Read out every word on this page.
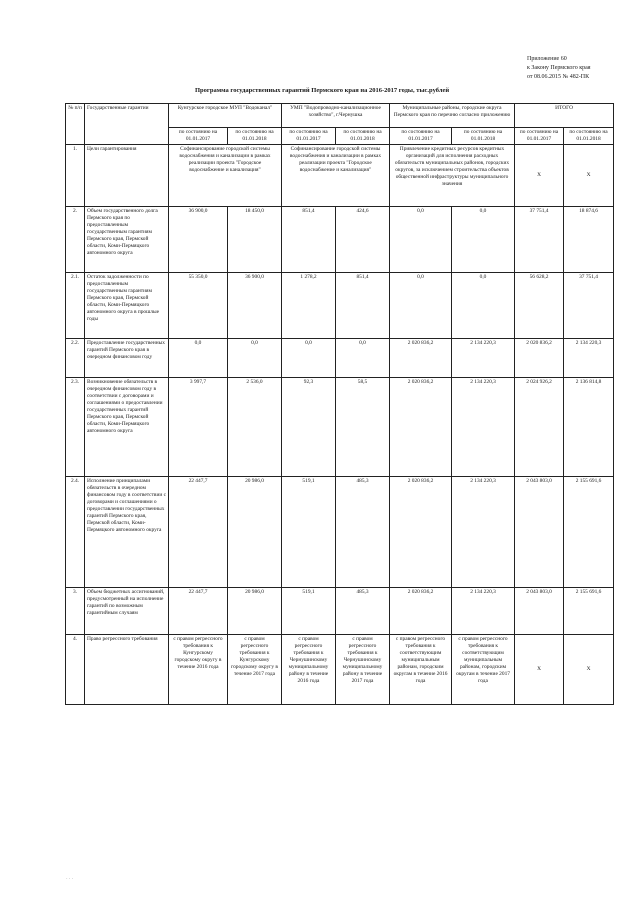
Приложение 60
к Закону Пермского края
от 08.06.2015 № 482-ПК
Программа государственных гарантий Пермского края на 2016-2017 годы, тыс.рублей
№ п/п	Государственные гарантии	Кунгурское городское МУП "Водоканал"		УМП "Водопроводно-канализационное хозяйство", г.Чернушка		Муниципальные районы, городские округа Пермского края по перечню согласно приложению		ИТОГО	
		по состоянию на 01.01.2017	по состоянию на 01.01.2018	по состоянию на 01.01.2017	по состоянию на 01.01.2018	по состоянию на 01.01.2017	по состоянию на 01.01.2018	по состоянию на 01.01.2017	по состоянию на 01.01.2018
1.	Цели гарантирования	Софинансирование городской системы водоснабжения и канализации в рамках реализации проекта "Городское водоснабжение и канализация"		Софинансирование городской системы водоснабжения и канализации в рамках реализации проекта "Городское водоснабжение и канализация"		Привлечение кредитных ресурсов кредитных организаций для исполнения расходных обязательств муниципальных районов, городских округов, за исключением строительства объектов общественной инфраструктуры муниципального значения		X	X
2.	Объем государственного долга Пермского края по предоставленным государственным гарантиям Пермского края, Пермской области, Коми-Пермяцкого автономного округа	36 900,0	18 450,0	851,4	424,6	0,0	0,0	37 751,4	18 874,6
2.1.	Остаток задолженности по предоставленным государственным гарантиям Пермского края, Пермской области, Коми-Пермяцкого автономного округа в прошлые годы	55 350,0	36 900,0	1 278,2	851,4	0,0	0,0	56 628,2	37 751,4
2.2.	Предоставление государственных гарантий Пермского края в очередном финансовом году	0,0	0,0	0,0	0,0	2 020 836,2	2 134 220,3	2 020 836,2	2 134 220,3
2.3.	Возникновение обязательств в очередном финансовом году в соответствии с договорами и соглашениями о предоставлении государственных гарантий Пермского края, Пермской области, Коми-Пермяцкого автономного округа	3 997,7	2 536,0	92,3	58,5	2 020 836,2	2 134 220,3	2 024 926,2	2 136 814,8
2.4.	Исполнение принципалами обязательств в очередном финансовом году в соответствии с договорами и соглашениями о предоставлении государственных гарантий Пермского края, Пермской области, Коми-Пермяцкого автономного округа	22 447,7	20 986,0	519,1	485,3	2 020 836,2	2 134 220,3	2 043 803,0	2 155 691,6
3.	Объем бюджетных ассигнований, предусмотренный на исполнение гарантий по возможным гарантийным случаям	22 447,7	20 986,0	519,1	485,3	2 020 836,2	2 134 220,3	2 043 803,0	2 155 691,6
4.	Право регрессного требования	с правом регрессного требования к Кунгурскому городскому округу в течение 2016 года	с правом регрессного требования к Кунгурскому городскому округу в течение 2017 года	с правом регрессного требования к Чернушинскому муниципальному району в течение 2016 года	с правом регрессного требования к Чернушинскому муниципальному району в течение 2017 года	с правом регрессного требования к соответствующим муниципальным районам, городским округам в течение 2016 года	с правом регрессного требования к соответствующим муниципальным районам, городским округам в течение 2017 года	X	X
· · ·
